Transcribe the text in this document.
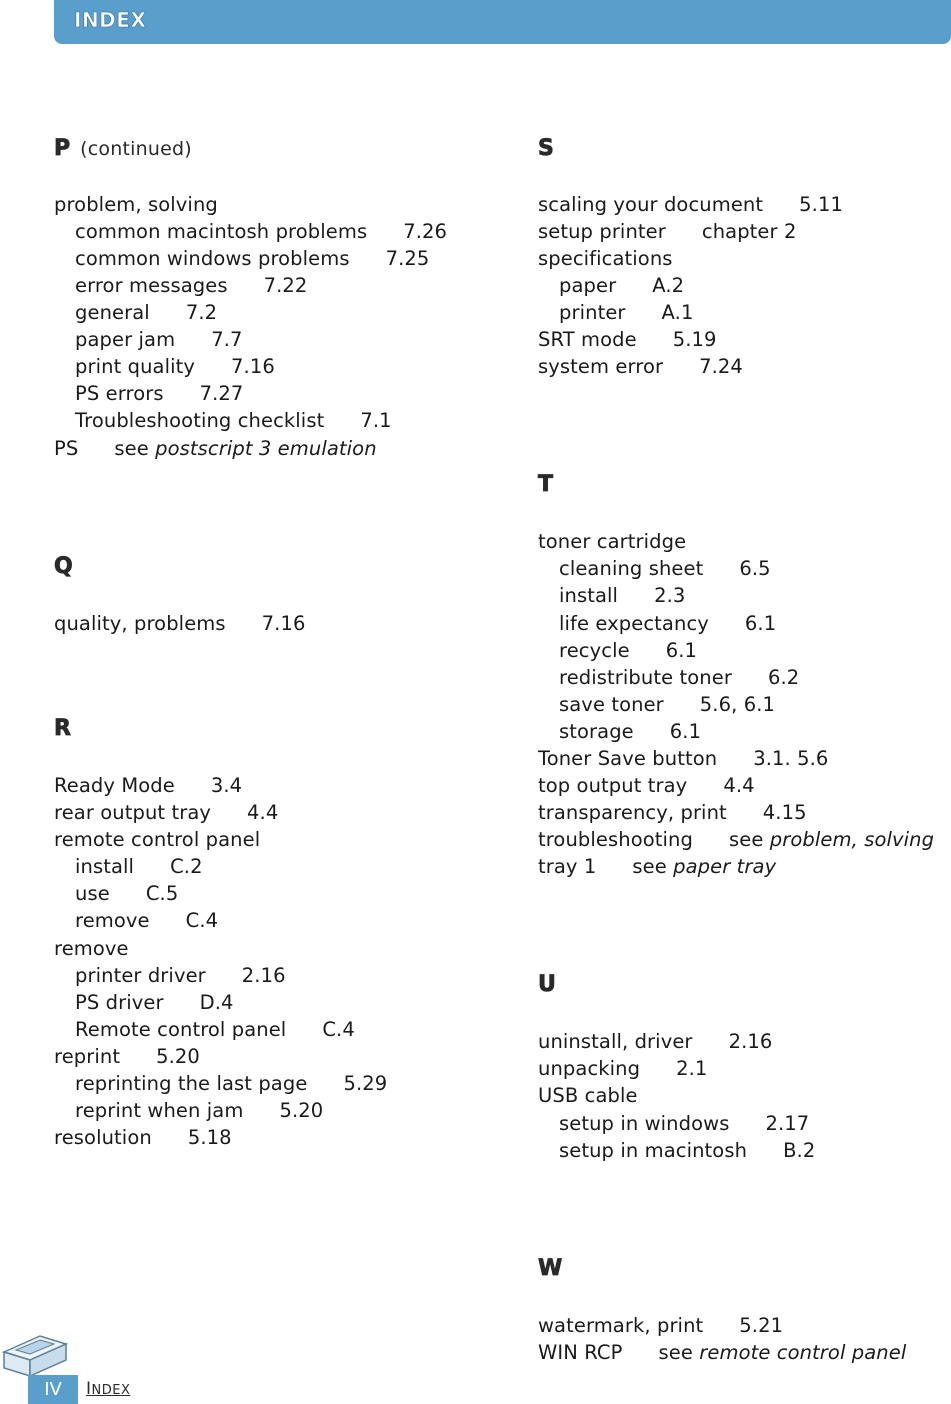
INDEX
P (continued)
problem, solving
common macintosh problems 7.26
common windows problems 7.25
error messages 7.22
general 7.2
paper jam 7.7
print quality 7.16
PS errors 7.27
Troubleshooting checklist 7.1
PS see postscript 3 emulation
Q
quality, problems 7.16
R
Ready Mode 3.4
rear output tray 4.4
remote control panel
install C.2
use C.5
remove C.4
remove
printer driver 2.16
PS driver D.4
Remote control panel C.4
reprint 5.20
reprinting the last page 5.29
reprint when jam 5.20
resolution 5.18
S
scaling your document 5.11
setup printer chapter 2
specifications
paper A.2
printer A.1
SRT mode 5.19
system error 7.24
T
toner cartridge
cleaning sheet 6.5
install 2.3
life expectancy 6.1
recycle 6.1
redistribute toner 6.2
save toner 5.6, 6.1
storage 6.1
Toner Save button 3.1. 5.6
top output tray 4.4
transparency, print 4.15
troubleshooting see problem, solving
tray 1 see paper tray
U
uninstall, driver 2.16
unpacking 2.1
USB cable
setup in windows 2.17
setup in macintosh B.2
W
watermark, print 5.21
WIN RCP see remote control panel
IV	INDEX
